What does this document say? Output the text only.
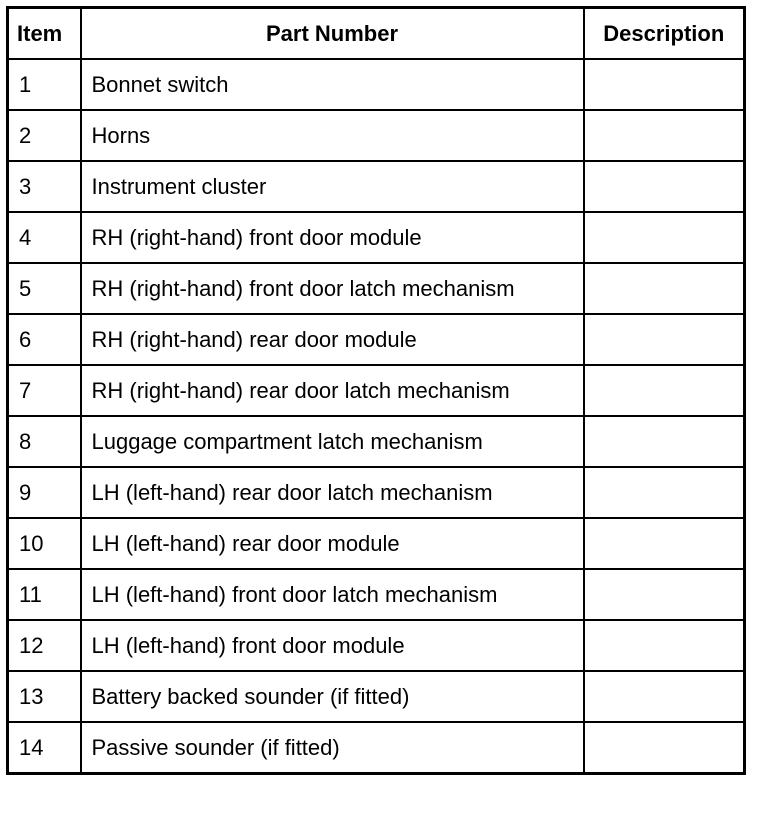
Item	Part Number	Description
1	Bonnet switch	
2	Horns	
3	Instrument cluster	
4	RH (right-hand) front door module	
5	RH (right-hand) front door latch mechanism	
6	RH (right-hand) rear door module	
7	RH (right-hand) rear door latch mechanism	
8	Luggage compartment latch mechanism	
9	LH (left-hand) rear door latch mechanism	
10	LH (left-hand) rear door module	
11	LH (left-hand) front door latch mechanism	
12	LH (left-hand) front door module	
13	Battery backed sounder (if fitted)	
14	Passive sounder (if fitted)	
